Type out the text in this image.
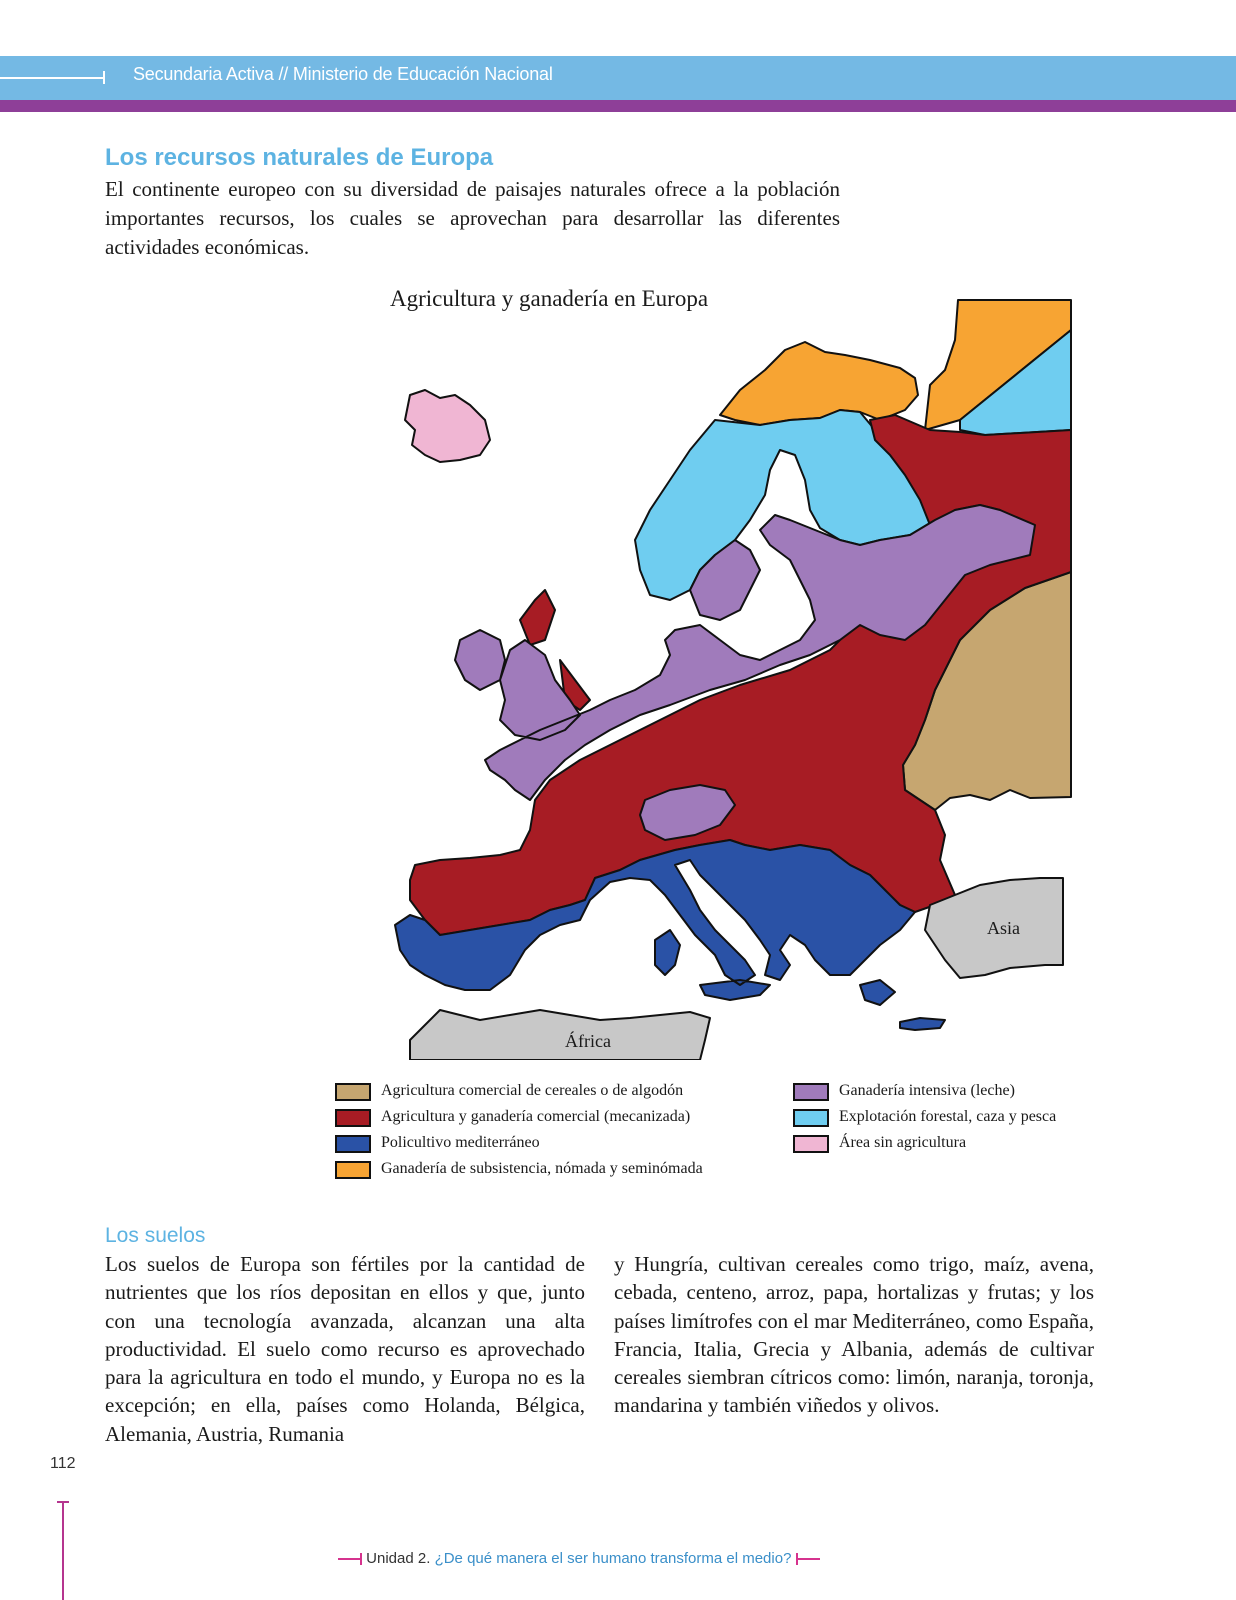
Secundaria Activa // Ministerio de Educación Nacional
Los recursos naturales de Europa
El continente europeo con su diversidad de paisajes naturales ofrece a la población importantes recursos, los cuales se aprovechan para desarrollar las diferentes actividades económicas.
Agricultura y ganadería en Europa
Asia
África
Agricultura comercial de cereales o de algodón
Agricultura y ganadería comercial (mecanizada)
Policultivo mediterráneo
Ganadería de subsistencia, nómada y seminómada
Ganadería intensiva (leche)
Explotación forestal, caza y pesca
Área sin agricultura
Los suelos
Los suelos de Europa son fértiles por la cantidad de nutrientes que los ríos depositan en ellos y que, junto con una tecnología avanzada, alcanzan una alta productividad. El suelo como recurso es aprovechado para la agricultura en todo el mundo, y Europa no es la excepción; en ella, países como Holanda, Bélgica, Alemania, Austria, Rumania
y Hungría, cultivan cereales como trigo, maíz, avena, cebada, centeno, arroz, papa, hortalizas y frutas; y los países limítrofes con el mar Mediterráneo, como España, Francia, Italia, Grecia y Albania, además de cultivar cereales siembran cítricos como: limón, naranja, toronja, mandarina y también viñedos y olivos.
112
Unidad 2. ¿De qué manera el ser humano transforma el medio?
